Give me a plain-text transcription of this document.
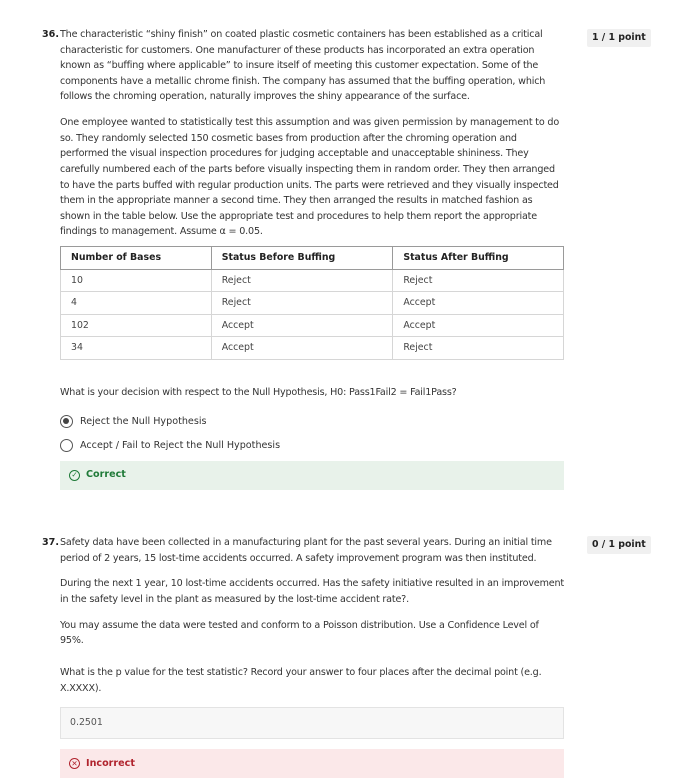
36.	1 / 1 point

The characteristic “shiny finish” on coated plastic cosmetic containers has been established as a critical characteristic for customers. One manufacturer of these products has incorporated an extra operation known as “buffing where applicable” to insure itself of meeting this customer expectation. Some of the components have a metallic chrome finish. The company has assumed that the buffing operation, which follows the chroming operation, naturally improves the shiny appearance of the surface.

One employee wanted to statistically test this assumption and was given permission by management to do so. They randomly selected 150 cosmetic bases from production after the chroming operation and performed the visual inspection procedures for judging acceptable and unacceptable shininess. They carefully numbered each of the parts before visually inspecting them in random order. They then arranged to have the parts buffed with regular production units. The parts were retrieved and they visually inspected them in the appropriate manner a second time. They then arranged the results in matched fashion as shown in the table below. Use the appropriate test and procedures to help them report the appropriate findings to management. Assume α = 0.05.

Number of Bases	Status Before Buffing	Status After Buffing
10	Reject	Reject
4	Reject	Accept
102	Accept	Accept
34	Accept	Reject

What is your decision with respect to the Null Hypothesis, H0: Pass1Fail2 = Fail1Pass?

Reject the Null Hypothesis
Accept / Fail to Reject the Null Hypothesis
✓ Correct
37.	0 / 1 point

Safety data have been collected in a manufacturing plant for the past several years. During an initial time period of 2 years, 15 lost-time accidents occurred. A safety improvement program was then instituted.

During the next 1 year, 10 lost-time accidents occurred. Has the safety initiative resulted in an improvement in the safety level in the plant as measured by the lost-time accident rate?.

You may assume the data were tested and conform to a Poisson distribution. Use a Confidence Level of 95%.

What is the p value for the test statistic? Record your answer to four places after the decimal point (e.g. X.XXXX).

0.2501
✕ Incorrect
